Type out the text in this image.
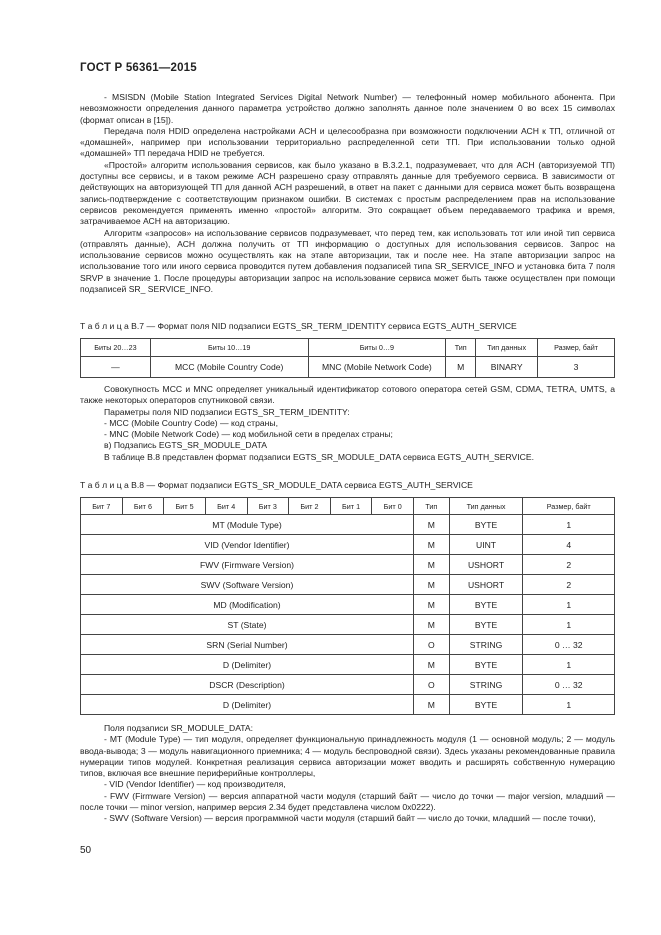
ГОСТ Р 56361—2015

- MSISDN (Mobile Station Integrated Services Digital Network Number) — телефонный номер мобильного абонента. При невозможности определения данного параметра устройство должно заполнять данное поле значением 0 во всех 15 символах (формат описан в [15]).

Передача поля HDID определена настройками АСН и целесообразна при возможности подключении АСН к ТП, отличной от «домашней», например при использовании территориально распределенной сети ТП. При использовании только одной «домашней» ТП передача HDID не требуется.

«Простой» алгоритм использования сервисов, как было указано в В.3.2.1, подразумевает, что для АСН (авторизуемой ТП) доступны все сервисы, и в таком режиме АСН разрешено сразу отправлять данные для требуемого сервиса. В зависимости от действующих на авторизующей ТП для данной АСН разрешений, в ответ на пакет с данными для сервиса может быть возвращена запись-подтверждение с соответствующим признаком ошибки. В системах с простым распределением прав на использование сервисов рекомендуется применять именно «простой» алгоритм. Это сокращает объем передаваемого трафика и время, затрачиваемое АСН на авторизацию.

Алгоритм «запросов» на использование сервисов подразумевает, что перед тем, как использовать тот или иной тип сервиса (отправлять данные), АСН должна получить от ТП информацию о доступных для использования сервисов. Запрос на использование сервисов можно осуществлять как на этапе авторизации, так и после нее. На этапе авторизации запрос на использование того или иного сервиса проводится путем добавления подзаписей типа SR_SERVICE_INFO и установка бита 7 поля SRVP в значение 1. После процедуры авторизации запрос на использование сервиса может быть также осуществлен при помощи подзаписей SR_ SERVICE_INFO.

Т а б л и ц а В.7 — Формат поля NID подзаписи EGTS_SR_TERM_IDENTITY сервиса EGTS_AUTH_SERVICE
Биты 20…23	Биты 10…19	Биты 0…9	Тип	Тип данных	Размер, байт
—	MCC (Mobile Country Code)	MNC (Mobile Network Code)	M	BINARY	3

Совокупность MCC и MNC определяет уникальный идентификатор сотового оператора сетей GSM, CDMA, TETRA, UMTS, а также некоторых операторов спутниковой связи.

Параметры поля NID подзаписи EGTS_SR_TERM_IDENTITY:

- MCC (Mobile Country Code) — код страны,

- MNC (Mobile Network Code) — код мобильной сети в пределах страны;

в) Подзапись EGTS_SR_MODULE_DATA

В таблице В.8 представлен формат подзаписи EGTS_SR_MODULE_DATA сервиса EGTS_AUTH_SERVICE.

Т а б л и ц а В.8 — Формат подзаписи EGTS_SR_MODULE_DATA сервиса EGTS_AUTH_SERVICE
Бит 7	Бит 6	Бит 5	Бит 4	Бит 3	Бит 2	Бит 1	Бит 0	Тип	Тип данных	Размер, байт
MT (Module Type)								M	BYTE	1
VID (Vendor Identifier)								M	UINT	4
FWV (Firmware Version)								M	USHORT	2
SWV (Software Version)								M	USHORT	2
MD (Modification)								M	BYTE	1
ST (State)								M	BYTE	1
SRN (Serial Number)								O	STRING	0 … 32
D (Delimiter)								M	BYTE	1
DSCR (Description)								O	STRING	0 … 32
D (Delimiter)								M	BYTE	1

Поля подзаписи SR_MODULE_DATA:

- MT (Module Type) — тип модуля, определяет функциональную принадлежность модуля (1 — основной модуль; 2 — модуль ввода-вывода; 3 — модуль навигационного приемника; 4 — модуль беспроводной связи). Здесь указаны рекомендованные правила нумерации типов модулей. Конкретная реализация сервиса авторизации может вводить и расширять собственную нумерацию типов, включая все внешние периферийные контроллеры,

- VID (Vendor Identifier) — код производителя,

- FWV (Firmware Version) — версия аппаратной части модуля (старший байт — число до точки — major version, младший — после точки — minor version, например версия 2.34 будет представлена числом 0x0222).

- SWV (Software Version) — версия программной части модуля (старший байт — число до точки, младший — после точки),

50
